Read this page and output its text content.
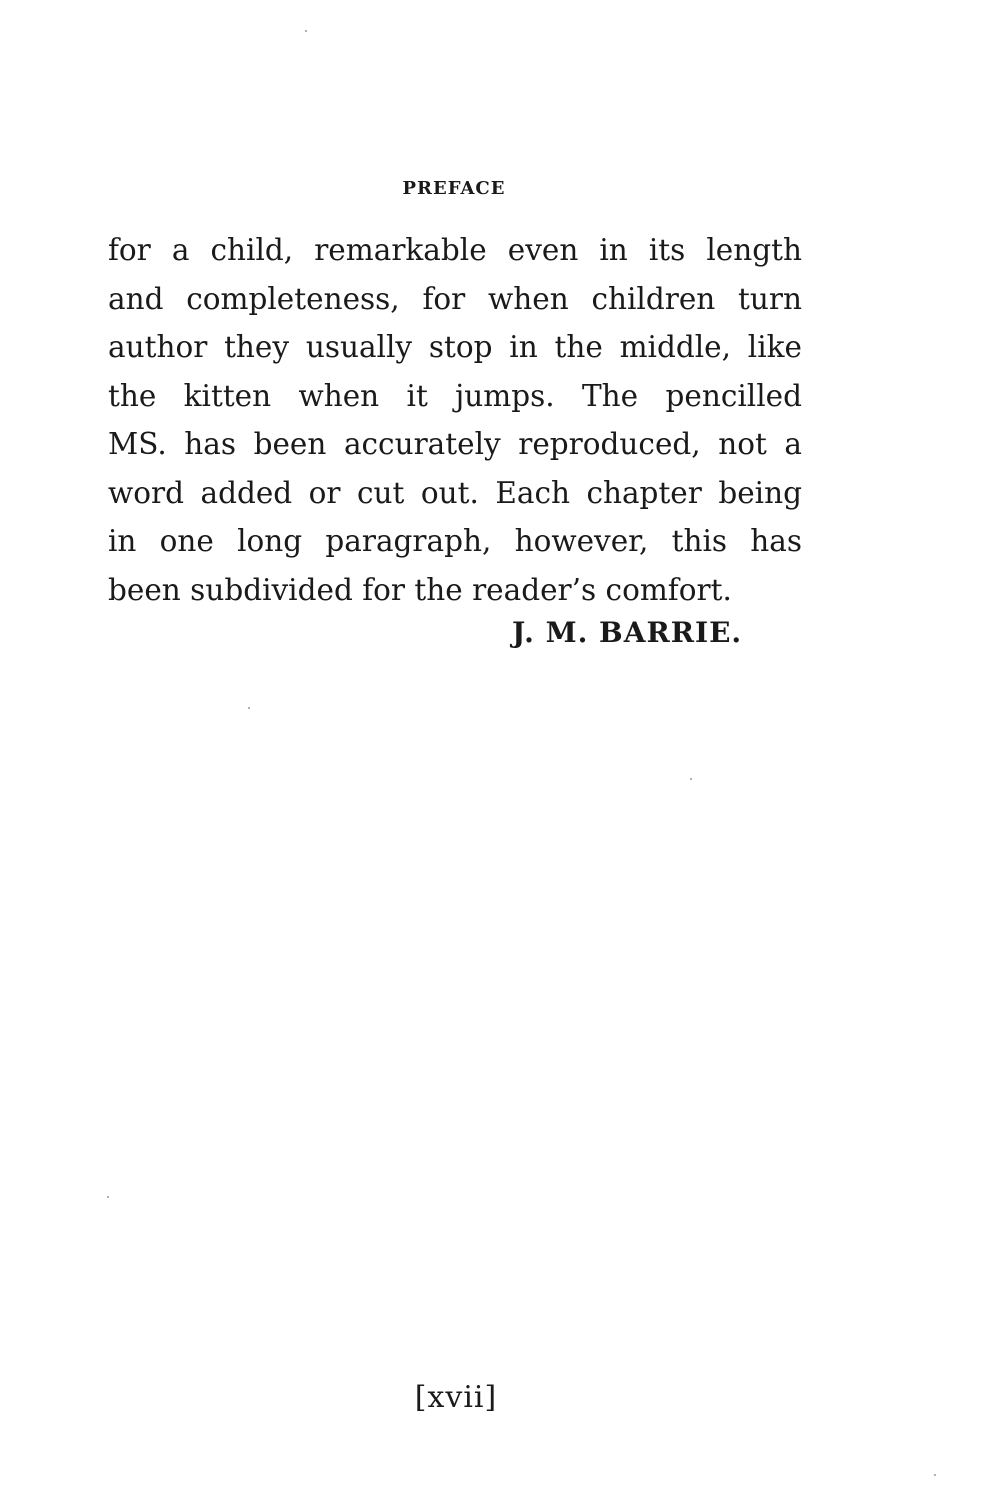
PREFACE
for a child, remarkable even in its length
and completeness, for when children turn
author they usually stop in the middle, like
the kitten when it jumps. The pencilled
MS. has been accurately reproduced, not a
word added or cut out. Each chapter being
in one long paragraph, however, this has
been subdivided for the reader’s comfort.
J. M. BARRIE.
[xvii]
